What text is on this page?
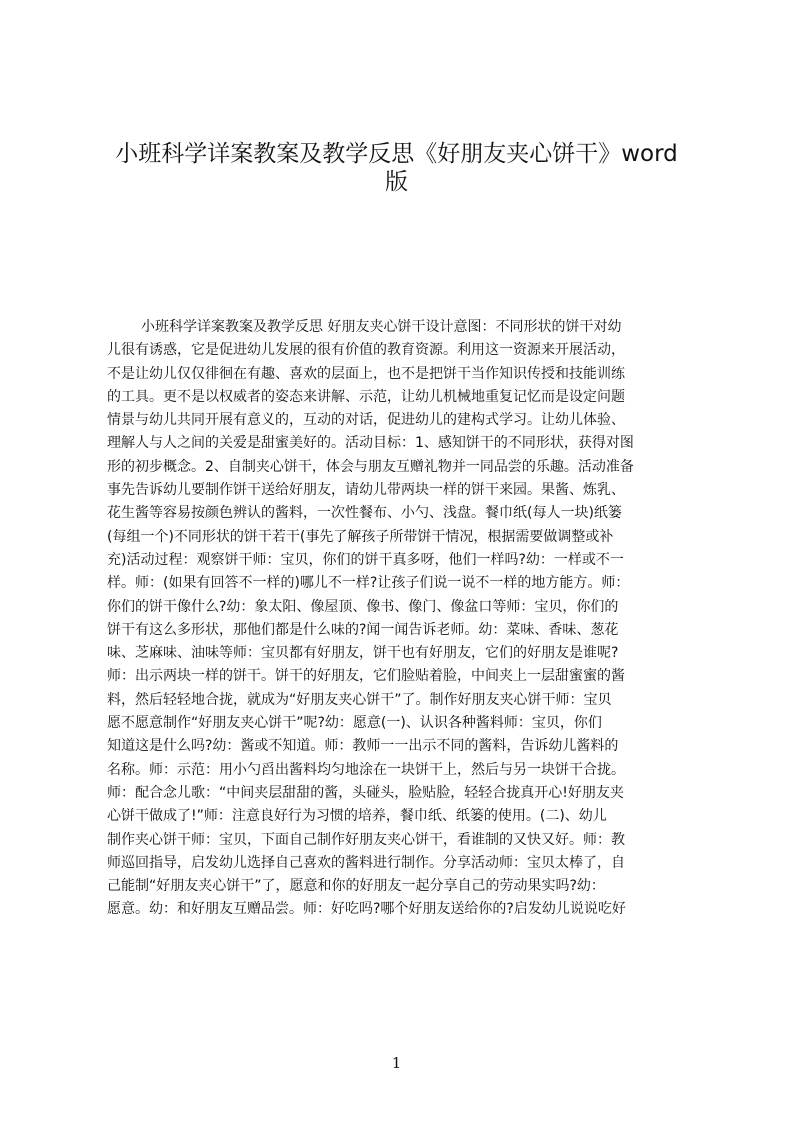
小班科学详案教案及教学反思《好朋友夹心饼干》word
版
小班科学详案教案及教学反思 好朋友夹心饼干设计意图：不同形状的饼干对幼
儿很有诱惑，它是促进幼儿发展的很有价值的教育资源。利用这一资源来开展活动，
不是让幼儿仅仅徘徊在有趣、喜欢的层面上，也不是把饼干当作知识传授和技能训练
的工具。更不是以权威者的姿态来讲解、示范，让幼儿机械地重复记忆而是设定问题
情景与幼儿共同开展有意义的，互动的对话，促进幼儿的建构式学习。让幼儿体验、
理解人与人之间的关爱是甜蜜美好的。活动目标：1、感知饼干的不同形状，获得对图
形的初步概念。2、自制夹心饼干，体会与朋友互赠礼物并一同品尝的乐趣。活动准备
事先告诉幼儿要制作饼干送给好朋友，请幼儿带两块一样的饼干来园。果酱、炼乳、
花生酱等容易按颜色辨认的酱料，一次性餐布、小勺、浅盘。餐巾纸(每人一块)纸篓
(每组一个)不同形状的饼干若干(事先了解孩子所带饼干情况，根据需要做调整或补
充)活动过程：观察饼干师：宝贝，你们的饼干真多呀，他们一样吗?幼：一样或不一
样。师：(如果有回答不一样的)哪儿不一样?让孩子们说一说不一样的地方能方。师：
你们的饼干像什么?幼：象太阳、像屋顶、像书、像门、像盆口等师：宝贝，你们的
饼干有这么多形状，那他们都是什么味的?闻一闻告诉老师。幼：菜味、香味、葱花
味、芝麻味、油味等师：宝贝都有好朋友，饼干也有好朋友，它们的好朋友是谁呢?
师：出示两块一样的饼干。饼干的好朋友，它们脸贴着脸，中间夹上一层甜蜜蜜的酱
料，然后轻轻地合拢，就成为“好朋友夹心饼干”了。制作好朋友夹心饼干师：宝贝
愿不愿意制作“好朋友夹心饼干”呢?幼：愿意(一)、认识各种酱料师：宝贝，你们
知道这是什么吗?幼：酱或不知道。师：教师一一出示不同的酱料，告诉幼儿酱料的
名称。师：示范：用小勺舀出酱料均匀地涂在一块饼干上，然后与另一块饼干合拢。
师：配合念儿歌：“中间夹层甜甜的酱，头碰头，脸贴脸，轻轻合拢真开心!好朋友夹
心饼干做成了!”师：注意良好行为习惯的培养，餐巾纸、纸篓的使用。(二)、幼儿
制作夹心饼干师：宝贝，下面自己制作好朋友夹心饼干，看谁制的又快又好。师：教
师巡回指导，启发幼儿选择自己喜欢的酱料进行制作。分享活动师：宝贝太棒了，自
己能制“好朋友夹心饼干”了，愿意和你的好朋友一起分享自己的劳动果实吗?幼：
愿意。幼：和好朋友互赠品尝。师：好吃吗?哪个好朋友送给你的?启发幼儿说说吃好
1
